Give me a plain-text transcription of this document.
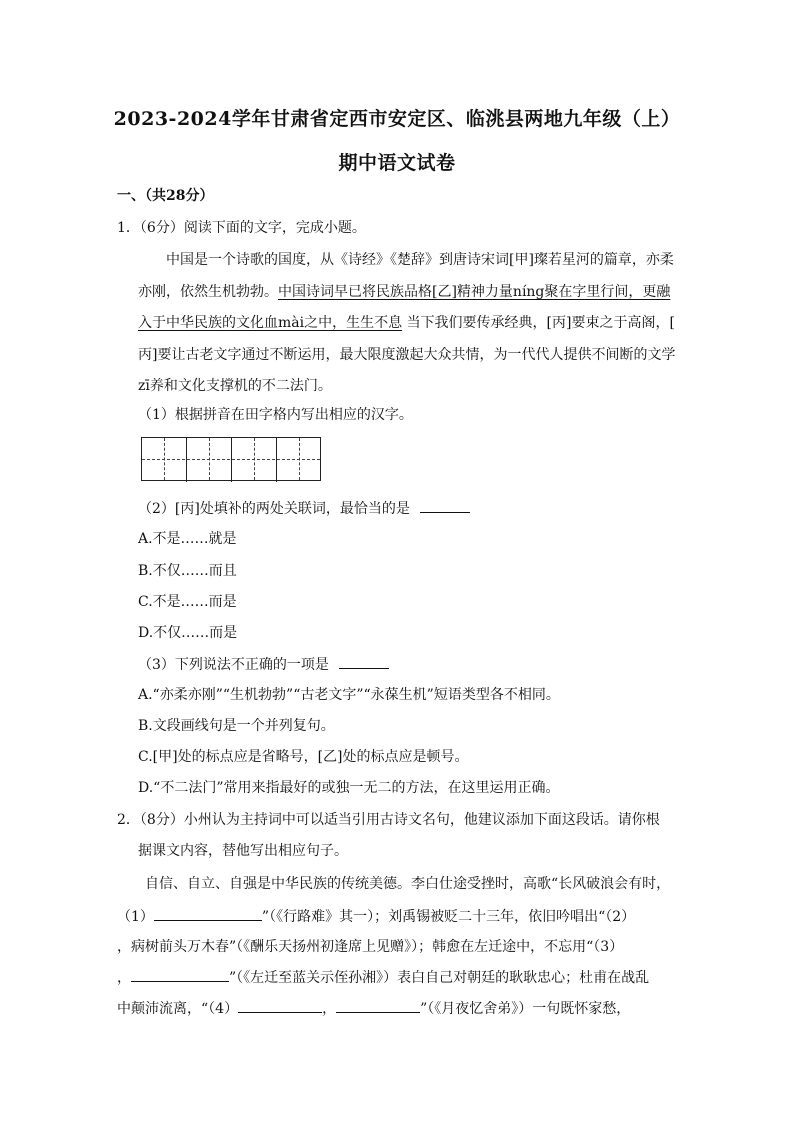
2023-2024学年甘肃省定西市安定区、临洮县两地九年级（上）
期中语文试卷
一、（共28分）
1．（6分）阅读下面的文字，完成小题。
中国是一个诗歌的国度，从《诗经》《楚辞》到唐诗宋词[甲]璨若星河的篇章，亦柔
亦刚，依然生机勃勃。中国诗词早已将民族品格[乙]精神力量níng聚在字里行间，更融
入于中华民族的文化血mài之中，生生不息 当下我们要传承经典，[丙]要束之于高阁，[
丙]要让古老文字通过不断运用，最大限度激起大众共情，为一代代人提供不间断的文学
zī养和文化支撑机的不二法门。
（1）根据拼音在田字格内写出相应的汉字。
（2）[丙]处填补的两处关联词，最恰当的是
A.不是……就是
B.不仅……而且
C.不是……而是
D.不仅……而是
（3）下列说法不正确的一项是
A.“亦柔亦刚”“生机勃勃”“古老文字”“永葆生机”短语类型各不相同。
B.文段画线句是一个并列复句。
C.[甲]处的标点应是省略号，[乙]处的标点应是顿号。
D.“不二法门”常用来指最好的或独一无二的方法，在这里运用正确。
2．（8分）小州认为主持词中可以适当引用古诗文名句，他建议添加下面这段话。请你根
据课文内容，替他写出相应句子。
自信、自立、自强是中华民族的传统美德。李白仕途受挫时，高歌“长风破浪会有时，
（1）	”（《行路难》其一）；刘禹锡被贬二十三年，依旧吟唱出“（2）
，病树前头万木春”（《酬乐天扬州初逢席上见赠》）；韩愈在左迁途中，不忘用“（3）
，	”（《左迁至蓝关示侄孙湘》）表白自己对朝廷的耿耿忠心；杜甫在战乱
中颠沛流离，“（4）	，	”（《月夜忆舍弟》）一句既怀家愁，
